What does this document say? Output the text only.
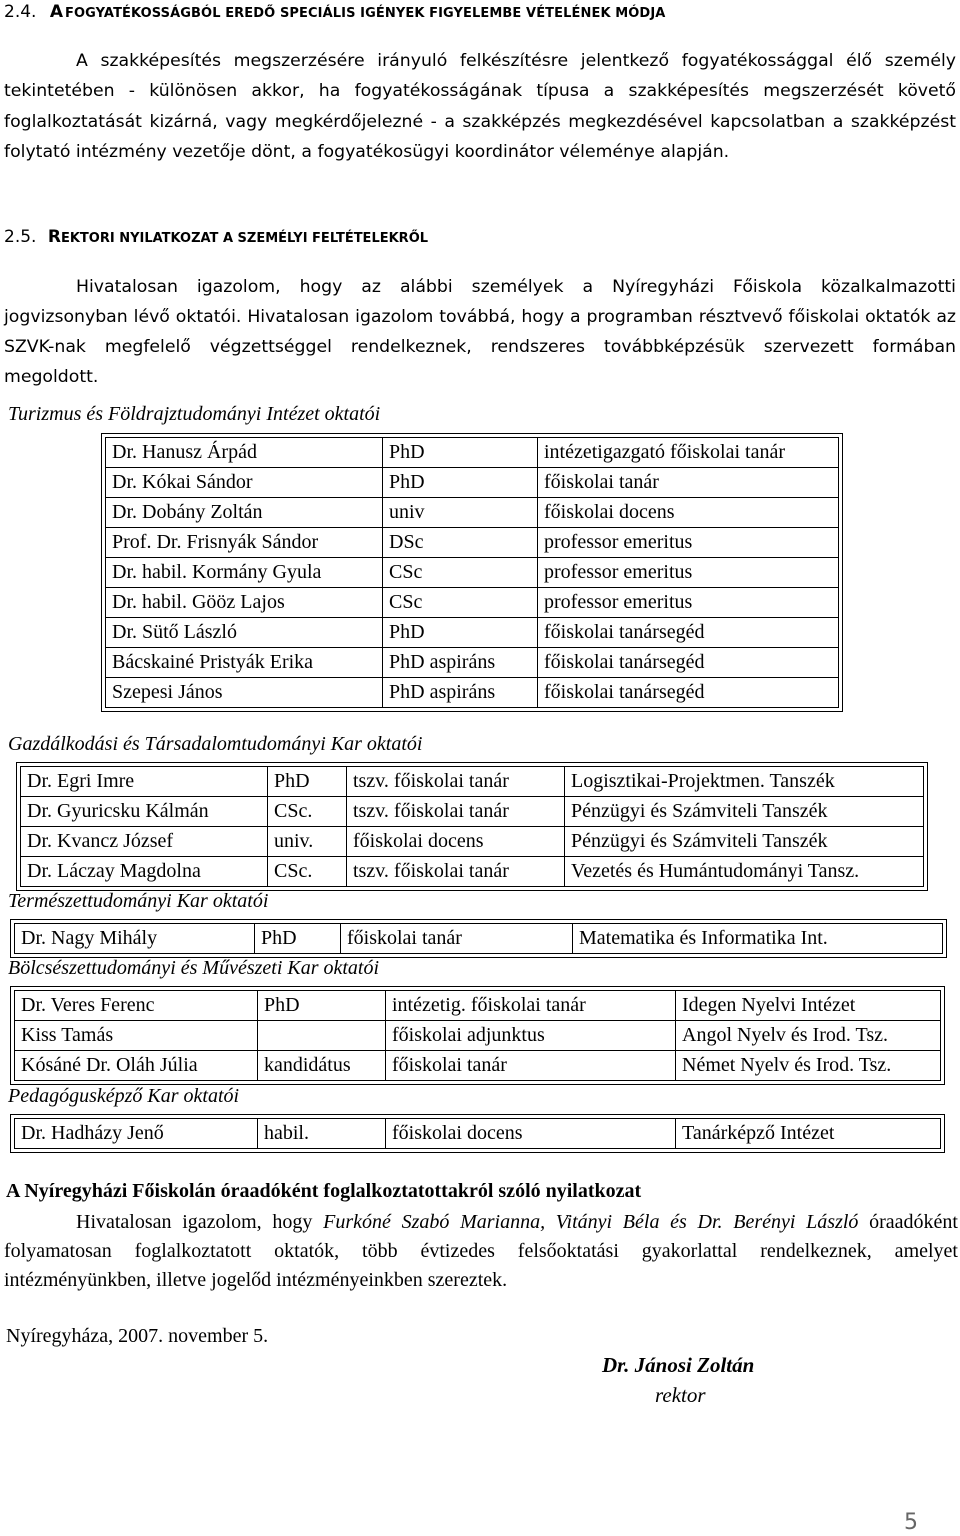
2.4. A FOGYATÉKOSSÁGBÓL EREDŐ SPECIÁLIS IGÉNYEK FIGYELEMBE VÉTELÉNEK MÓDJA

A szakképesítés megszerzésére irányuló felkészítésre jelentkező fogyatékossággal élő személy tekintetében - különösen akkor, ha fogyatékosságának típusa a szakképesítés megszerzését követő foglalkoztatását kizárná, vagy megkérdőjelezné - a szakképzés megkezdésével kapcsolatban a szakképzést folytató intézmény vezetője dönt, a fogyatékosügyi koordinátor véleménye alapján.

2.5. REKTORI NYILATKOZAT A SZEMÉLYI FELTÉTELEKRŐL

Hivatalosan igazolom, hogy az alábbi személyek a Nyíregyházi Főiskola közalkalmazotti jogvizsonyban lévő oktatói. Hivatalosan igazolom továbbá, hogy a programban résztvevő főiskolai oktatók az SZVK-nak megfelelő végzettséggel rendelkeznek, rendszeres továbbképzésük szervezett formában megoldott.

Turizmus és Földrajztudományi Intézet oktatói
Dr. Hanusz Árpád	PhD	intézetigazgató főiskolai tanár
Dr. Kókai Sándor	PhD	főiskolai tanár
Dr. Dobány Zoltán	univ	főiskolai docens
Prof. Dr. Frisnyák Sándor	DSc	professor emeritus
Dr. habil. Kormány Gyula	CSc	professor emeritus
Dr. habil. Gööz Lajos	CSc	professor emeritus
Dr. Sütő László	PhD	főiskolai tanársegéd
Bácskainé Pristyák Erika	PhD aspiráns	főiskolai tanársegéd
Szepesi János	PhD aspiráns	főiskolai tanársegéd
Gazdálkodási és Társadalomtudományi Kar oktatói
Dr. Egri Imre	PhD	tszv. főiskolai tanár	Logisztikai-Projektmen. Tanszék
Dr. Gyuricsku Kálmán	CSc.	tszv. főiskolai tanár	Pénzügyi és Számviteli Tanszék
Dr. Kvancz József	univ.	főiskolai docens	Pénzügyi és Számviteli Tanszék
Dr. Láczay Magdolna	CSc.	tszv. főiskolai tanár	Vezetés és Humántudományi Tansz.
Természettudományi Kar oktatói
Dr. Nagy Mihály	PhD	főiskolai tanár	Matematika és Informatika Int.
Bölcsészettudományi és Művészeti Kar oktatói
Dr. Veres Ferenc	PhD	intézetig. főiskolai tanár	Idegen Nyelvi Intézet
Kiss Tamás		főiskolai adjunktus	Angol Nyelv és Irod. Tsz.
Kósáné Dr. Oláh Júlia	kandidátus	főiskolai tanár	Német Nyelv és Irod. Tsz.
Pedagógusképző Kar oktatói
Dr. Hadházy Jenő	habil.	főiskolai docens	Tanárképző Intézet
A Nyíregyházi Főiskolán óraadóként foglalkoztatottakról szóló nyilatkozat

Hivatalosan igazolom, hogy Furkóné Szabó Marianna, Vitányi Béla és Dr. Berényi László óraadóként folyamatosan foglalkoztatott oktatók, több évtizedes felsőoktatási gyakorlattal rendelkeznek, amelyet intézményünkben, illetve jogelőd intézményeinkben szereztek.

Nyíregyháza, 2007. november 5.
Dr. Jánosi Zoltán
rektor
5
